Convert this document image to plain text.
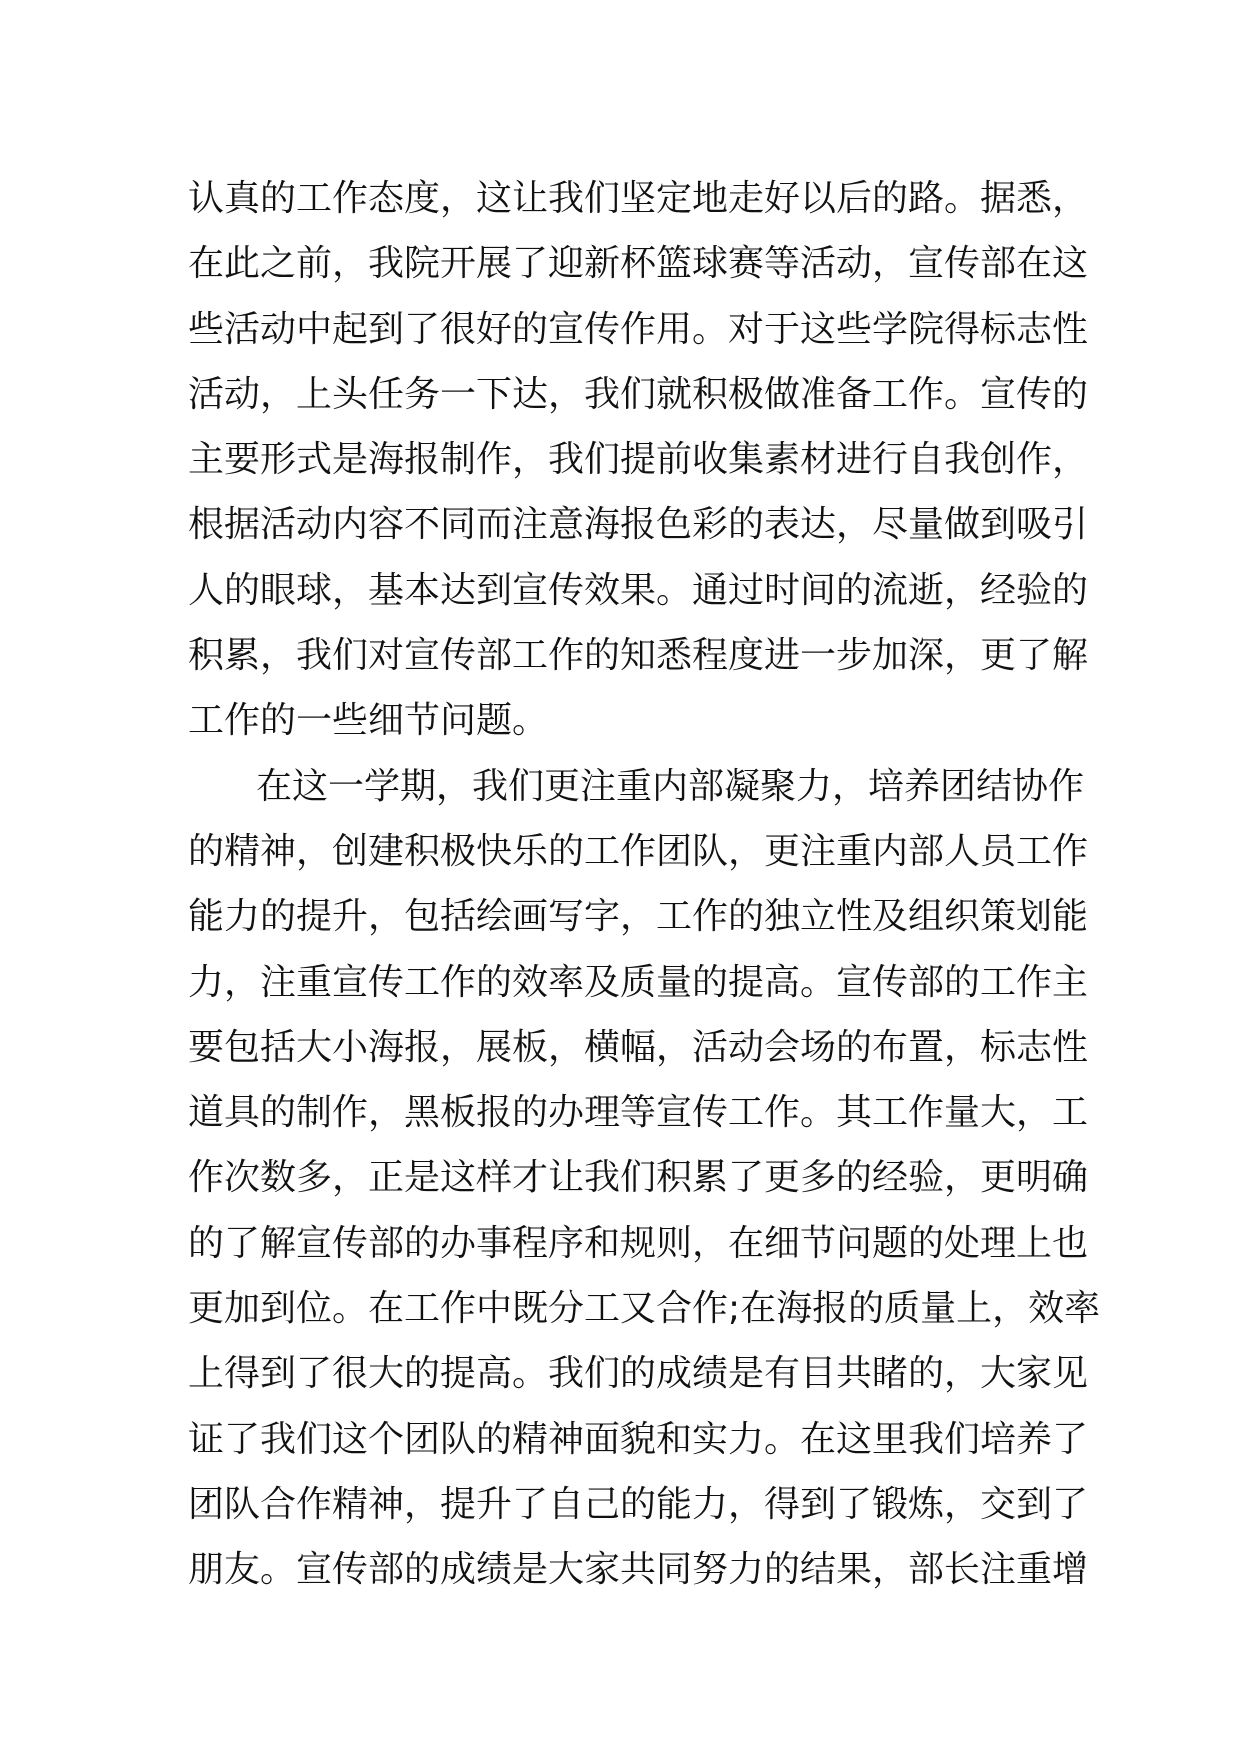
认真的工作态度，这让我们坚定地走好以后的路。据悉，
在此之前，我院开展了迎新杯篮球赛等活动，宣传部在这
些活动中起到了很好的宣传作用。对于这些学院得标志性
活动，上头任务一下达，我们就积极做准备工作。宣传的
主要形式是海报制作，我们提前收集素材进行自我创作，
根据活动内容不同而注意海报色彩的表达，尽量做到吸引
人的眼球，基本达到宣传效果。通过时间的流逝，经验的
积累，我们对宣传部工作的知悉程度进一步加深，更了解
工作的一些细节问题。
在这一学期，我们更注重内部凝聚力，培养团结协作
的精神，创建积极快乐的工作团队，更注重内部人员工作
能力的提升，包括绘画写字，工作的独立性及组织策划能
力，注重宣传工作的效率及质量的提高。宣传部的工作主
要包括大小海报，展板，横幅，活动会场的布置，标志性
道具的制作，黑板报的办理等宣传工作。其工作量大，工
作次数多，正是这样才让我们积累了更多的经验，更明确
的了解宣传部的办事程序和规则，在细节问题的处理上也
更加到位。在工作中既分工又合作;在海报的质量上，效率
上得到了很大的提高。我们的成绩是有目共睹的，大家见
证了我们这个团队的精神面貌和实力。在这里我们培养了
团队合作精神，提升了自己的能力，得到了锻炼，交到了
朋友。宣传部的成绩是大家共同努力的结果，部长注重增
